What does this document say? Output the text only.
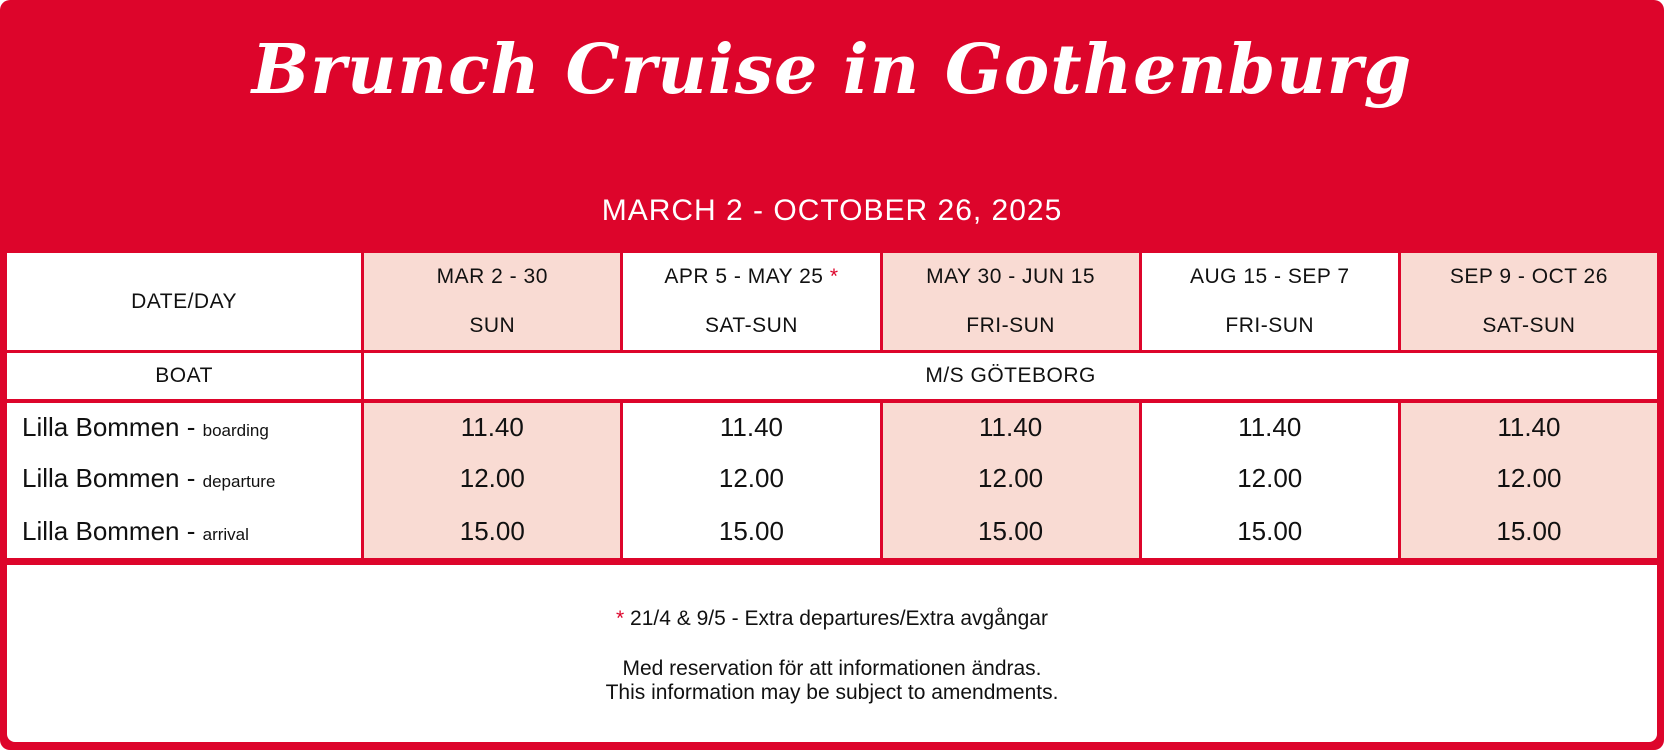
Brunch Cruise in Gothenburg
MARCH 2 - OCTOBER 26, 2025
DATE/DAY	MAR 2 - 30	APR 5 - MAY 25 *	MAY 30 - JUN 15	AUG 15 - SEP 7	SEP 9 - OCT 26
	SUN	SAT-SUN	FRI-SUN	FRI-SUN	SAT-SUN
BOAT	M/S GÖTEBORG				
Lilla Bommen - boarding	11.40	11.40	11.40	11.40	11.40
Lilla Bommen - departure	12.00	12.00	12.00	12.00	12.00
Lilla Bommen - arrival	15.00	15.00	15.00	15.00	15.00
* 21/4 & 9/5 - Extra departures/Extra avgångar
Med reservation för att informationen ändras.
This information may be subject to amendments.
